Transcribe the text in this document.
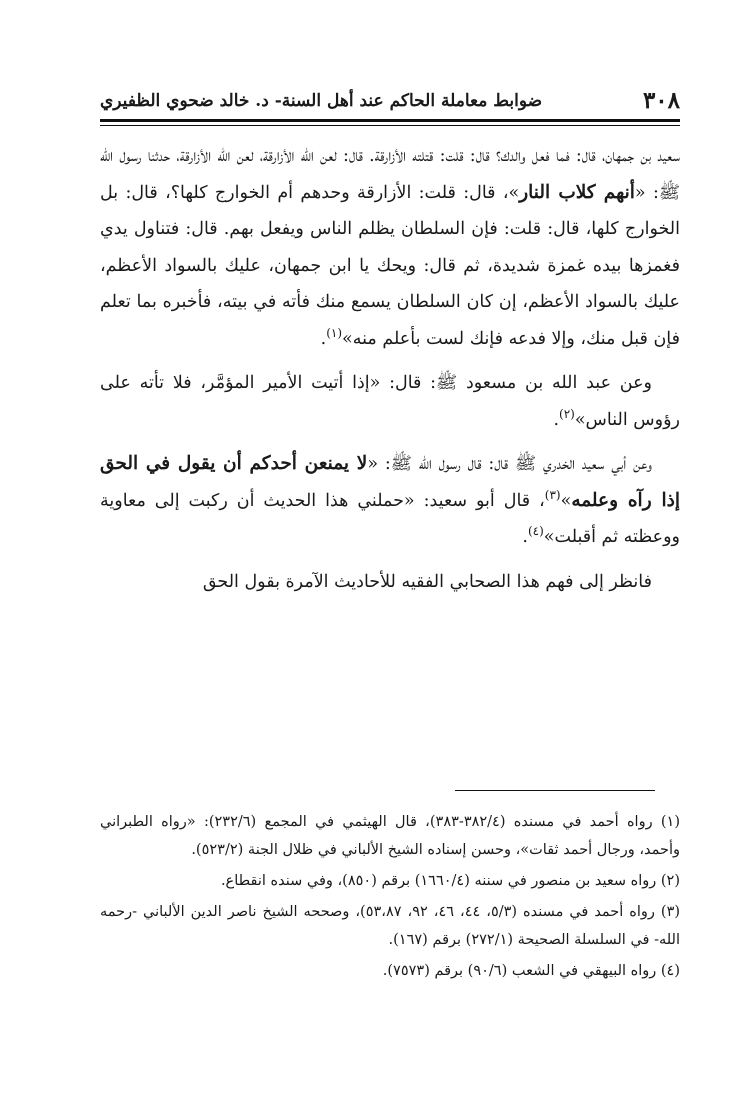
٣٠٨
ضوابط معاملة الحاكم عند أهل السنة- د. خالد ضحوي الظفيري

سعيد بن جمهان، قال: فما فعل والدك؟ قال: قلت: قتلته الأزارقة. قال: لعن الله الأزارقة، لعن الله الأزارقة، حدثنا رسول الله ﷺ: «أنهم كلاب النار»، قال: قلت: الأزارقة وحدهم أم الخوارج كلها؟، قال: بل الخوارج كلها، قال: قلت: فإن السلطان يظلم الناس ويفعل بهم. قال: فتناول يدي فغمزها بيده غمزة شديدة، ثم قال: ويحك يا ابن جمهان، عليك بالسواد الأعظم، عليك بالسواد الأعظم، إن كان السلطان يسمع منك فأته في بيته، فأخبره بما تعلم فإن قبل منك، وإلا فدعه فإنك لست بأعلم منه»$^{(١)}$.

وعن عبد الله بن مسعود ﷺ: قال: «إذا أتيت الأمير المؤمَّر، فلا تأته على رؤوس الناس»$^{(٢)}$.

وعن أبي سعيد الخدري ﷺ قال: قال رسول الله ﷺ: «لا يمنعن أحدكم أن يقول في الحق إذا رآه وعلمه»$^{(٣)}$، قال أبو سعيد: «حملني هذا الحديث أن ركبت إلى معاوية ووعظته ثم أقبلت»$^{(٤)}$.

فانظر إلى فهم هذا الصحابي الفقيه للأحاديث الآمرة بقول الحق

(١) رواه أحمد في مسنده (٣٨٢/٤-٣٨٣)، قال الهيثمي في المجمع (٢٣٢/٦): «رواه الطبراني وأحمد، ورجال أحمد ثقات»، وحسن إسناده الشيخ الألباني في ظلال الجنة (٥٢٣/٢).

(٢) رواه سعيد بن منصور في سننه (١٦٦٠/٤) برقم (٨٥٠)، وفي سنده انقطاع.

(٣) رواه أحمد في مسنده (٥/٣، ٤٤، ٤٦، ٩٢، ٥٣،٨٧)، وصححه الشيخ ناصر الدين الألباني -رحمه الله- في السلسلة الصحيحة (٢٧٢/١) برقم (١٦٧).

(٤) رواه البيهقي في الشعب (٩٠/٦) برقم (٧٥٧٣).
